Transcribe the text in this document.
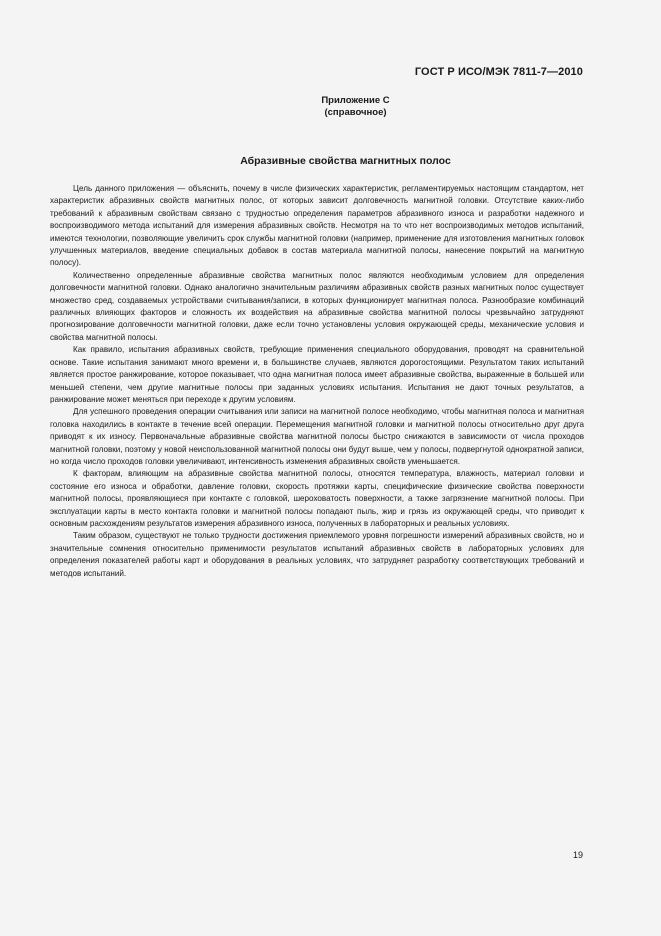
ГОСТ Р ИСО/МЭК 7811-7—2010
Приложение С
(справочное)
Абразивные свойства магнитных полос

Цель данного приложения — объяснить, почему в числе физических характеристик, регламентируемых настоящим стандартом, нет характеристик абразивных свойств магнитных полос, от которых зависит долговечность магнитной головки. Отсутствие каких-либо требований к абразивным свойствам связано с трудностью определения параметров абразивного износа и разработки надежного и воспроизводимого метода испытаний для измерения абразивных свойств. Несмотря на то что нет воспроизводимых методов испытаний, имеются технологии, позволяющие увеличить срок службы магнитной головки (например, применение для изготовления магнитных головок улучшенных материалов, введение специальных добавок в состав материала магнитной полосы, нанесение покрытий на магнитную полосу).

Количественно определенные абразивные свойства магнитных полос являются необходимым условием для определения долговечности магнитной головки. Однако аналогично значительным различиям абразивных свойств разных магнитных полос существует множество сред, создаваемых устройствами считывания/записи, в которых функционирует магнитная полоса. Разнообразие комбинаций различных влияющих факторов и сложность их воздействия на абразивные свойства магнитной полосы чрезвычайно затрудняют прогнозирование долговечности магнитной головки, даже если точно установлены условия окружающей среды, механические условия и свойства магнитной полосы.

Как правило, испытания абразивных свойств, требующие применения специального оборудования, проводят на сравнительной основе. Такие испытания занимают много времени и, в большинстве случаев, являются дорогостоящими. Результатом таких испытаний является простое ранжирование, которое показывает, что одна магнитная полоса имеет абразивные свойства, выраженные в большей или меньшей степени, чем другие магнитные полосы при заданных условиях испытания. Испытания не дают точных результатов, а ранжирование может меняться при переходе к другим условиям.

Для успешного проведения операции считывания или записи на магнитной полосе необходимо, чтобы магнитная полоса и магнитная головка находились в контакте в течение всей операции. Перемещения магнитной головки и магнитной полосы относительно друг друга приводят к их износу. Первоначальные абразивные свойства магнитной полосы быстро снижаются в зависимости от числа проходов магнитной головки, поэтому у новой неиспользованной магнитной полосы они будут выше, чем у полосы, подвергнутой однократной записи, но когда число проходов головки увеличивают, интенсивность изменения абразивных свойств уменьшается.

К факторам, влияющим на абразивные свойства магнитной полосы, относятся температура, влажность, материал головки и состояние его износа и обработки, давление головки, скорость протяжки карты, специфические физические свойства поверхности магнитной полосы, проявляющиеся при контакте с головкой, шероховатость поверхности, а также загрязнение магнитной полосы. При эксплуатации карты в место контакта головки и магнитной полосы попадают пыль, жир и грязь из окружающей среды, что приводит к основным расхождениям результатов измерения абразивного износа, полученных в лабораторных и реальных условиях.

Таким образом, существуют не только трудности достижения приемлемого уровня погрешности измерений абразивных свойств, но и значительные сомнения относительно применимости результатов испытаний абразивных свойств в лабораторных условиях для определения показателей работы карт и оборудования в реальных условиях, что затрудняет разработку соответствующих требований и методов испытаний.

19
